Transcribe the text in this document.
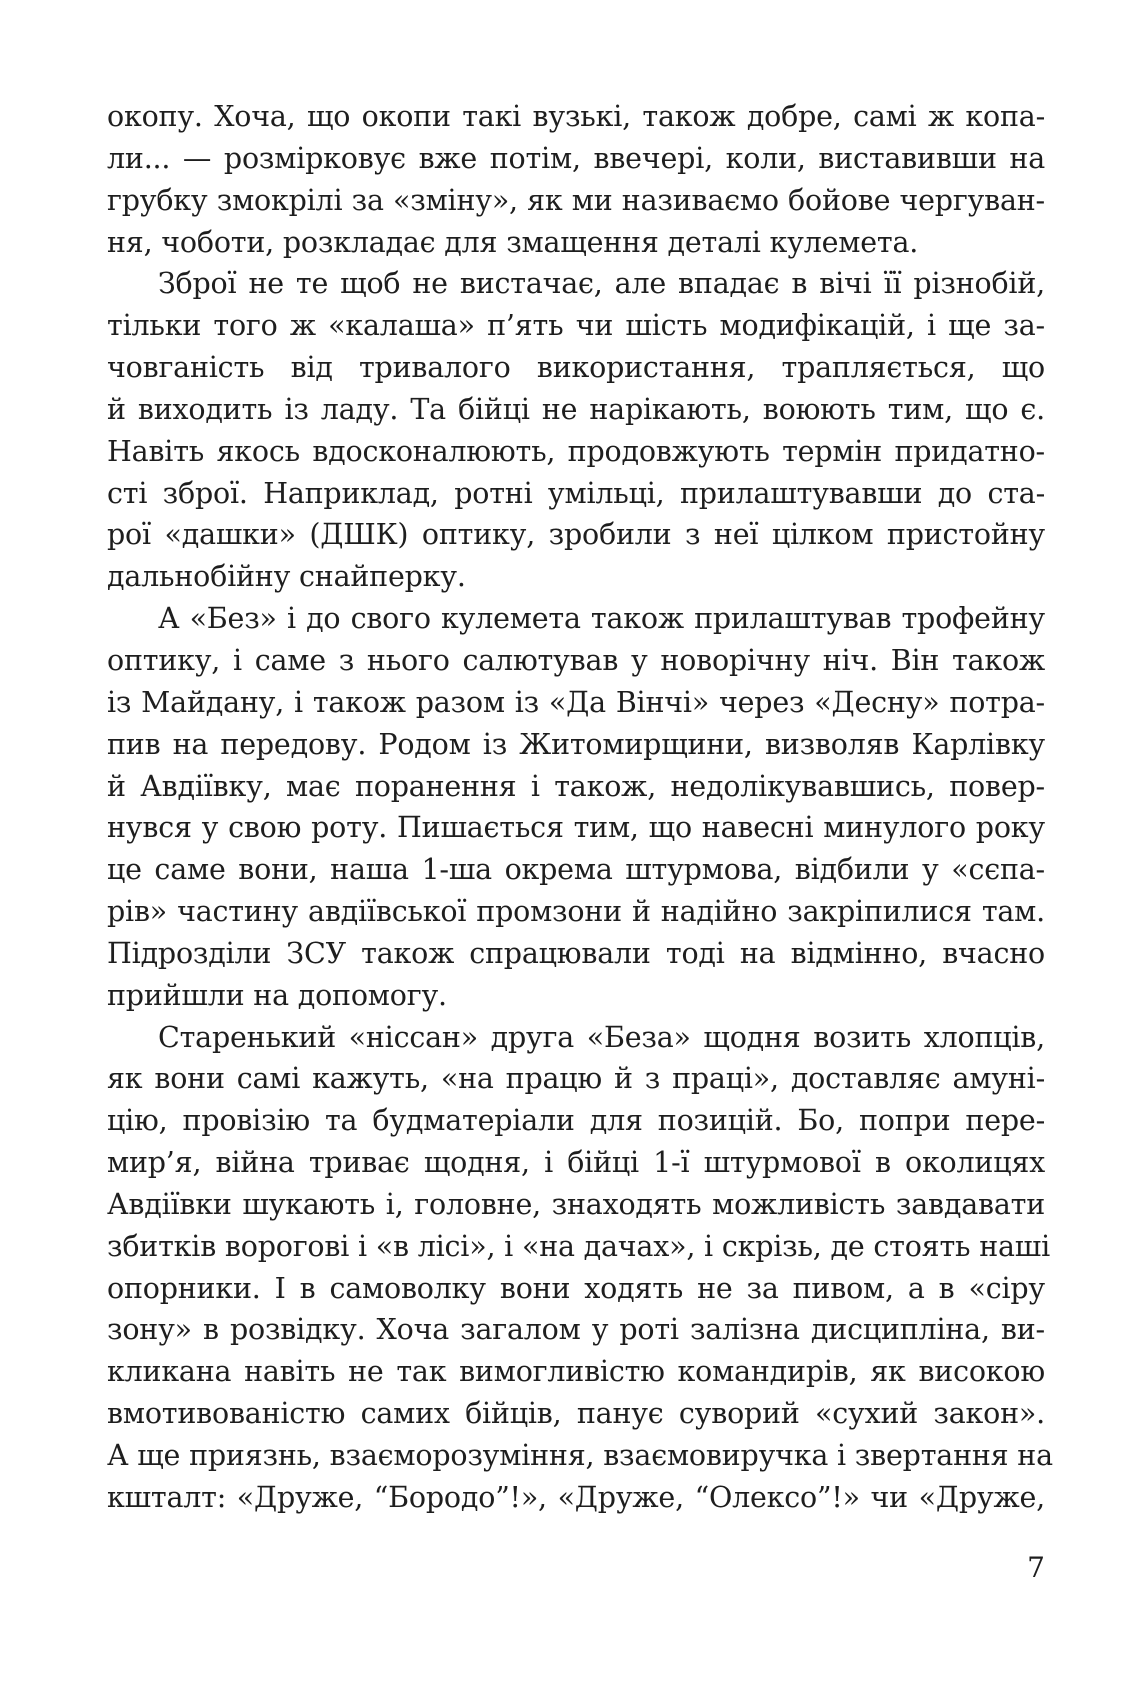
окопу. Хоча, що окопи такі вузькі, також добре, самі ж копа-
ли... — розмірковує вже потім, ввечері, коли, виставивши на
грубку змокрілі за «зміну», як ми називаємо бойове чергуван-
ня, чоботи, розкладає для змащення деталі кулемета.
Зброї не те щоб не вистачає, але впадає в вічі її різнобій,
тільки того ж «калаша» п’ять чи шість модифікацій, і ще за-
човганість від тривалого використання, трапляється, що
й виходить із ладу. Та бійці не нарікають, воюють тим, що є.
Навіть якось вдосконалюють, продовжують термін придатно-
сті зброї. Наприклад, ротні умільці, прилаштувавши до ста-
рої «дашки» (ДШК) оптику, зробили з неї цілком пристойну
дальнобійну снайперку.
А «Без» і до свого кулемета також прилаштував трофейну
оптику, і саме з нього салютував у новорічну ніч. Він також
із Майдану, і також разом із «Да Вінчі» через «Десну» потра-
пив на передову. Родом із Житомирщини, визволяв Карлівку
й Авдіївку, має поранення і також, недолікувавшись, повер-
нувся у свою роту. Пишається тим, що навесні минулого року
це саме вони, наша 1-ша окрема штурмова, відбили у «сєпа-
рів» частину авдіївської промзони й надійно закріпилися там.
Підрозділи ЗСУ також спрацювали тоді на відмінно, вчасно
прийшли на допомогу.
Старенький «ніссан» друга «Беза» щодня возить хлопців,
як вони самі кажуть, «на працю й з праці», доставляє амуні-
цію, провізію та будматеріали для позицій. Бо, попри пере-
мир’я, війна триває щодня, і бійці 1-ї штурмової в околицях
Авдіївки шукають і, головне, знаходять можливість завдавати
збитків ворогові і «в лісі», і «на дачах», і скрізь, де стоять наші
опорники. І в самоволку вони ходять не за пивом, а в «сіру
зону» в розвідку. Хоча загалом у роті залізна дисципліна, ви-
кликана навіть не так вимогливістю командирів, як високою
вмотивованістю самих бійців, панує суворий «сухий закон».
А ще приязнь, взаєморозуміння, взаємовиручка і звертання на
кшталт: «Друже, “Бородо”!», «Друже, “Олексо”!» чи «Друже,
7
